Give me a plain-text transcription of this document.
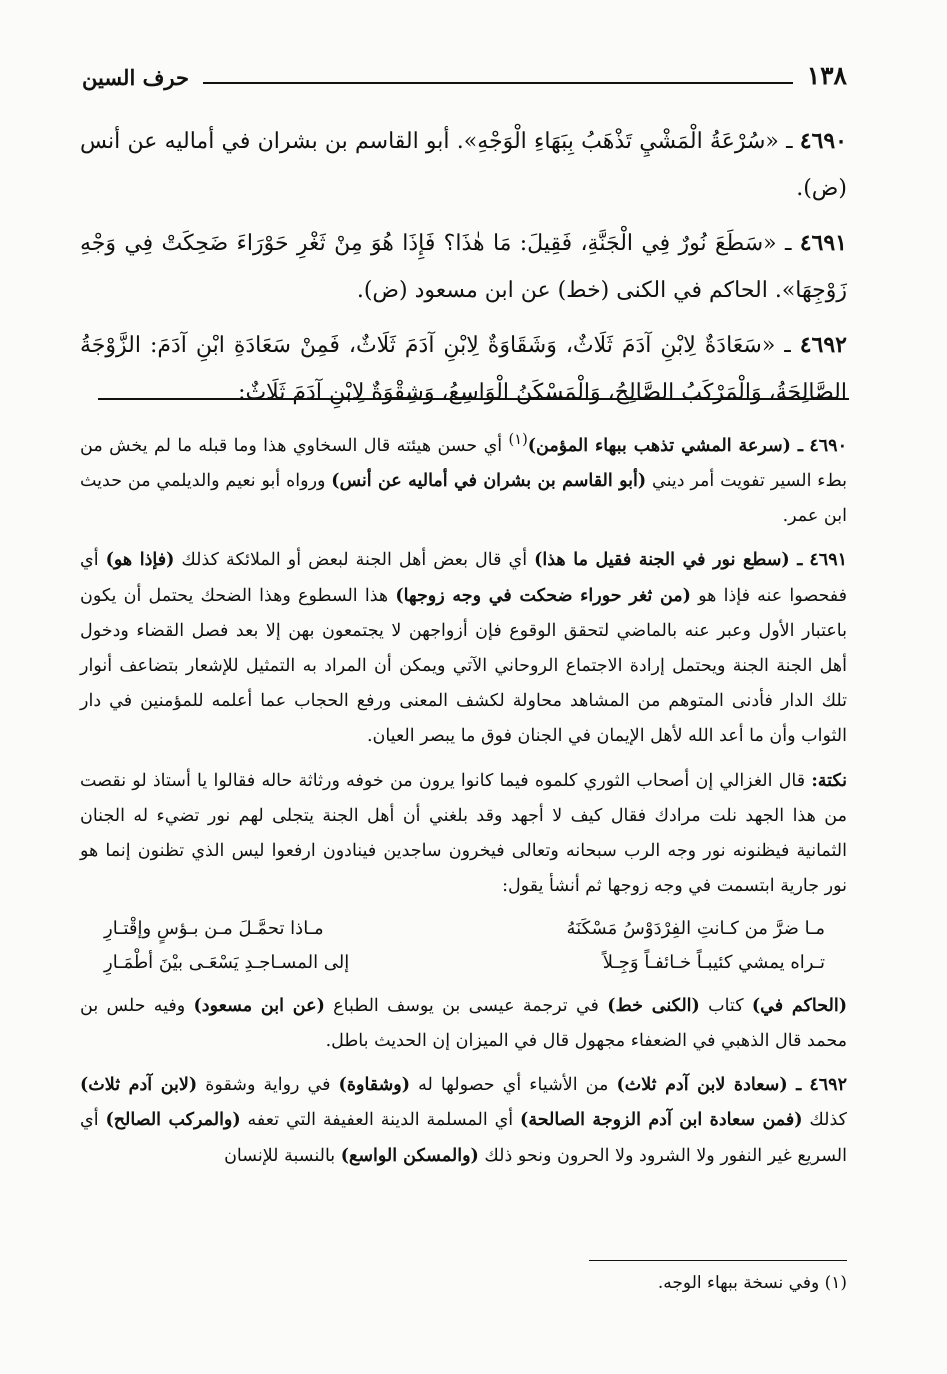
١٣٨
حرف السين

٤٦٩٠ ـ «سُرْعَةُ الْمَشْيِ تَذْهَبُ بِبَهَاءِ الْوَجْهِ». أبو القاسم بن بشران في أماليه عن أنس (ض).

٤٦٩١ ـ «سَطَعَ نُورٌ فِي الْجَنَّةِ، فَقِيلَ: مَا هٰذَا؟ فَإِذَا هُوَ مِنْ ثَغْرِ حَوْرَاءَ ضَحِكَتْ فِي وَجْهِ زَوْجِهَا». الحاكم في الكنى (خط) عن ابن مسعود (ض).

٤٦٩٢ ـ «سَعَادَةٌ لِابْنِ آدَمَ ثَلَاثٌ، وَشَقَاوَةٌ لِابْنِ آدَمَ ثَلَاثٌ، فَمِنْ سَعَادَةِ ابْنِ آدَمَ: الزَّوْجَةُ الصَّالِحَةُ، وَالْمَرْكَبُ الصَّالِحُ، وَالْمَسْكَنُ الْوَاسِعُ، وَشِقْوَةٌ لِابْنِ آدَمَ ثَلَاثٌ:

٤٦٩٠ ـ (سرعة المشي تذهب ببهاء المؤمن)$^{(١)}$ أي حسن هيئته قال السخاوي هذا وما قبله ما لم يخش من بطء السير تفويت أمر ديني (أبو القاسم بن بشران في أماليه عن أنس) ورواه أبو نعيم والديلمي من حديث ابن عمر.

٤٦٩١ ـ (سطع نور في الجنة فقيل ما هذا) أي قال بعض أهل الجنة لبعض أو الملائكة كذلك (فإذا هو) أي ففحصوا عنه فإذا هو (من ثغر حوراء ضحكت في وجه زوجها) هذا السطوع وهذا الضحك يحتمل أن يكون باعتبار الأول وعبر عنه بالماضي لتحقق الوقوع فإن أزواجهن لا يجتمعون بهن إلا بعد فصل القضاء ودخول أهل الجنة الجنة ويحتمل إرادة الاجتماع الروحاني الآتي ويمكن أن المراد به التمثيل للإشعار بتضاعف أنوار تلك الدار فأدنى المتوهم من المشاهد محاولة لكشف المعنى ورفع الحجاب عما أعلمه للمؤمنين في دار الثواب وأن ما أعد الله لأهل الإيمان في الجنان فوق ما يبصر العيان.

نكتة: قال الغزالي إن أصحاب الثوري كلموه فيما كانوا يرون من خوفه ورثاثة حاله فقالوا يا أستاذ لو نقصت من هذا الجهد نلت مرادك فقال كيف لا أجهد وقد بلغني أن أهل الجنة يتجلى لهم نور تضيء له الجنان الثمانية فيظنونه نور وجه الرب سبحانه وتعالى فيخرون ساجدين فينادون ارفعوا ليس الذي تظنون إنما هو نور جارية ابتسمت في وجه زوجها ثم أنشأ يقول:

مـا ضرَّ من كـانتِ الفِرْدَوْسُ مَسْكَنَهُ
مـاذا تحمَّـلَ مـن بـؤسٍ وإقْتـارِ
تـراه يمشي كئيبـاً خـائفـاً وَجِـلاً
إلى المسـاجـدِ يَسْعَـى بيْنَ أطْمَـارِ

(الحاكم في) كتاب (الكنى خط) في ترجمة عيسى بن يوسف الطباع (عن ابن مسعود) وفيه حلس بن محمد قال الذهبي في الضعفاء مجهول قال في الميزان إن الحديث باطل.

٤٦٩٢ ـ (سعادة لابن آدم ثلاث) من الأشياء أي حصولها له (وشقاوة) في رواية وشقوة (لابن آدم ثلاث) كذلك (فمن سعادة ابن آدم الزوجة الصالحة) أي المسلمة الدينة العفيفة التي تعفه (والمركب الصالح) أي السريع غير النفور ولا الشرود ولا الحرون ونحو ذلك (والمسكن الواسع) بالنسبة للإنسان

(١) وفي نسخة ببهاء الوجه.
